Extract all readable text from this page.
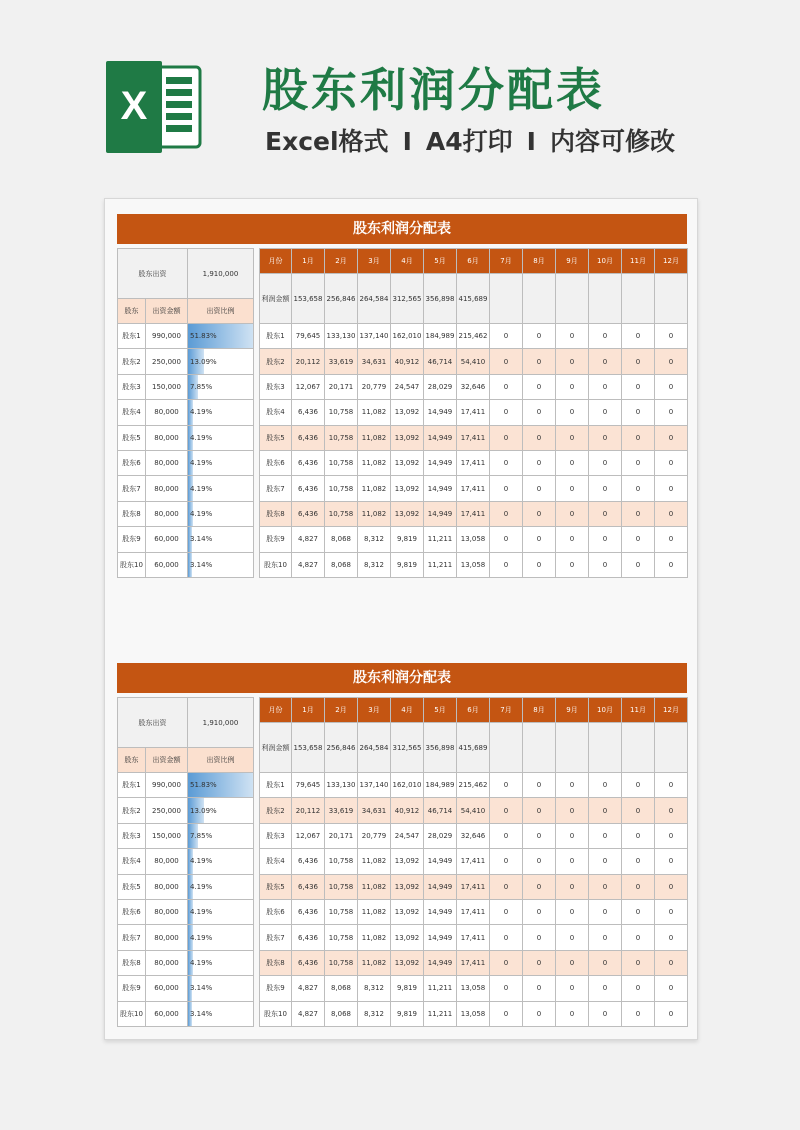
X 股东利润分配表
Excel格式 I A4打印 I 内容可修改
股东利润分配表
股东出资		1,910,000
股东	出资金额	出资比例
股东1	990,000	51.83%
股东2	250,000	13.09%
股东3	150,000	7.85%
股东4	80,000	4.19%
股东5	80,000	4.19%
股东6	80,000	4.19%
股东7	80,000	4.19%
股东8	80,000	4.19%
股东9	60,000	3.14%
股东10	60,000	3.14%
月份	1月	2月	3月	4月	5月	6月	7月	8月	9月	10月	11月	12月
利润金额	153,658	256,846	264,584	312,565	356,898	415,689						
股东1	79,645	133,130	137,140	162,010	184,989	215,462	0	0	0	0	0	0
股东2	20,112	33,619	34,631	40,912	46,714	54,410	0	0	0	0	0	0
股东3	12,067	20,171	20,779	24,547	28,029	32,646	0	0	0	0	0	0
股东4	6,436	10,758	11,082	13,092	14,949	17,411	0	0	0	0	0	0
股东5	6,436	10,758	11,082	13,092	14,949	17,411	0	0	0	0	0	0
股东6	6,436	10,758	11,082	13,092	14,949	17,411	0	0	0	0	0	0
股东7	6,436	10,758	11,082	13,092	14,949	17,411	0	0	0	0	0	0
股东8	6,436	10,758	11,082	13,092	14,949	17,411	0	0	0	0	0	0
股东9	4,827	8,068	8,312	9,819	11,211	13,058	0	0	0	0	0	0
股东10	4,827	8,068	8,312	9,819	11,211	13,058	0	0	0	0	0	0
股东利润分配表
股东出资		1,910,000
股东	出资金额	出资比例
股东1	990,000	51.83%
股东2	250,000	13.09%
股东3	150,000	7.85%
股东4	80,000	4.19%
股东5	80,000	4.19%
股东6	80,000	4.19%
股东7	80,000	4.19%
股东8	80,000	4.19%
股东9	60,000	3.14%
股东10	60,000	3.14%
月份	1月	2月	3月	4月	5月	6月	7月	8月	9月	10月	11月	12月
利润金额	153,658	256,846	264,584	312,565	356,898	415,689						
股东1	79,645	133,130	137,140	162,010	184,989	215,462	0	0	0	0	0	0
股东2	20,112	33,619	34,631	40,912	46,714	54,410	0	0	0	0	0	0
股东3	12,067	20,171	20,779	24,547	28,029	32,646	0	0	0	0	0	0
股东4	6,436	10,758	11,082	13,092	14,949	17,411	0	0	0	0	0	0
股东5	6,436	10,758	11,082	13,092	14,949	17,411	0	0	0	0	0	0
股东6	6,436	10,758	11,082	13,092	14,949	17,411	0	0	0	0	0	0
股东7	6,436	10,758	11,082	13,092	14,949	17,411	0	0	0	0	0	0
股东8	6,436	10,758	11,082	13,092	14,949	17,411	0	0	0	0	0	0
股东9	4,827	8,068	8,312	9,819	11,211	13,058	0	0	0	0	0	0
股东10	4,827	8,068	8,312	9,819	11,211	13,058	0	0	0	0	0	0
